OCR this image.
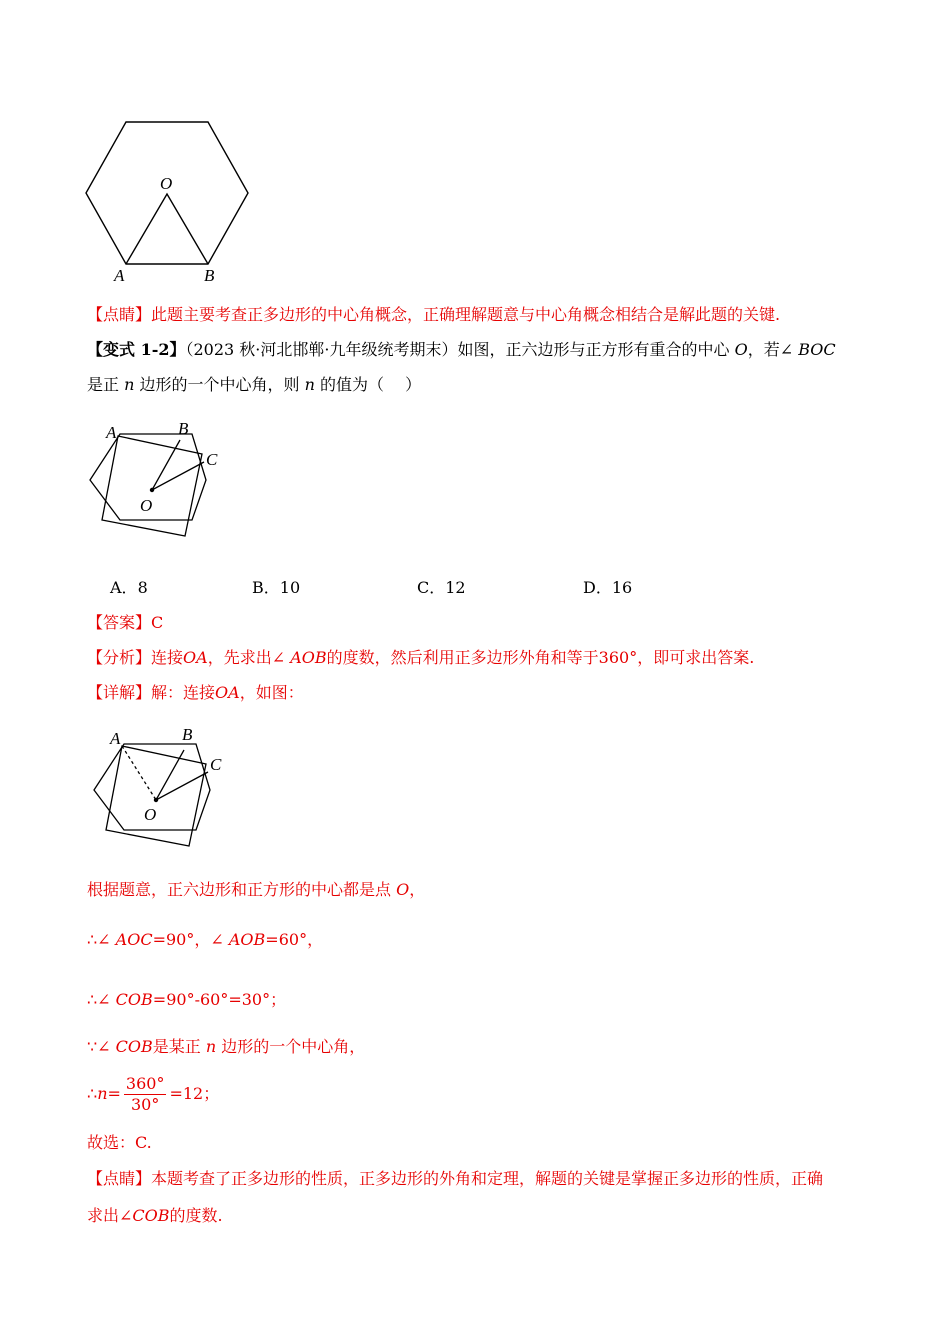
O
A	B
【点睛】此题主要考查正多边形的中心角概念，正确理解题意与中心角概念相结合是解此题的关键.
【变式 1-2】（2023 秋·河北邯郸·九年级统考期末）如图，正六边形与正方形有重合的中心 O，若∠ BOC
是正 n 边形的一个中心角，则 n 的值为（　 ）
A	B
C
O
A．8	B．10	C．12	D．16
【答案】C
【分析】连接OA，先求出∠ AOB的度数，然后利用正多边形外角和等于360°，即可求出答案.
【详解】解：连接OA，如图：
A	B
C
O
根据题意，正六边形和正方形的中心都是点 O，
∴∠ AOC=90°，∠ AOB=60°，
∴∠ COB=90°-60°=30°；
∵∠ COB是某正 n 边形的一个中心角，
∴n= $\frac{360^\circ}{30^\circ} =12$；
故选：C.
【点睛】本题考查了正多边形的性质，正多边形的外角和定理，解题的关键是掌握正多边形的性质，正确
求出∠COB的度数.
